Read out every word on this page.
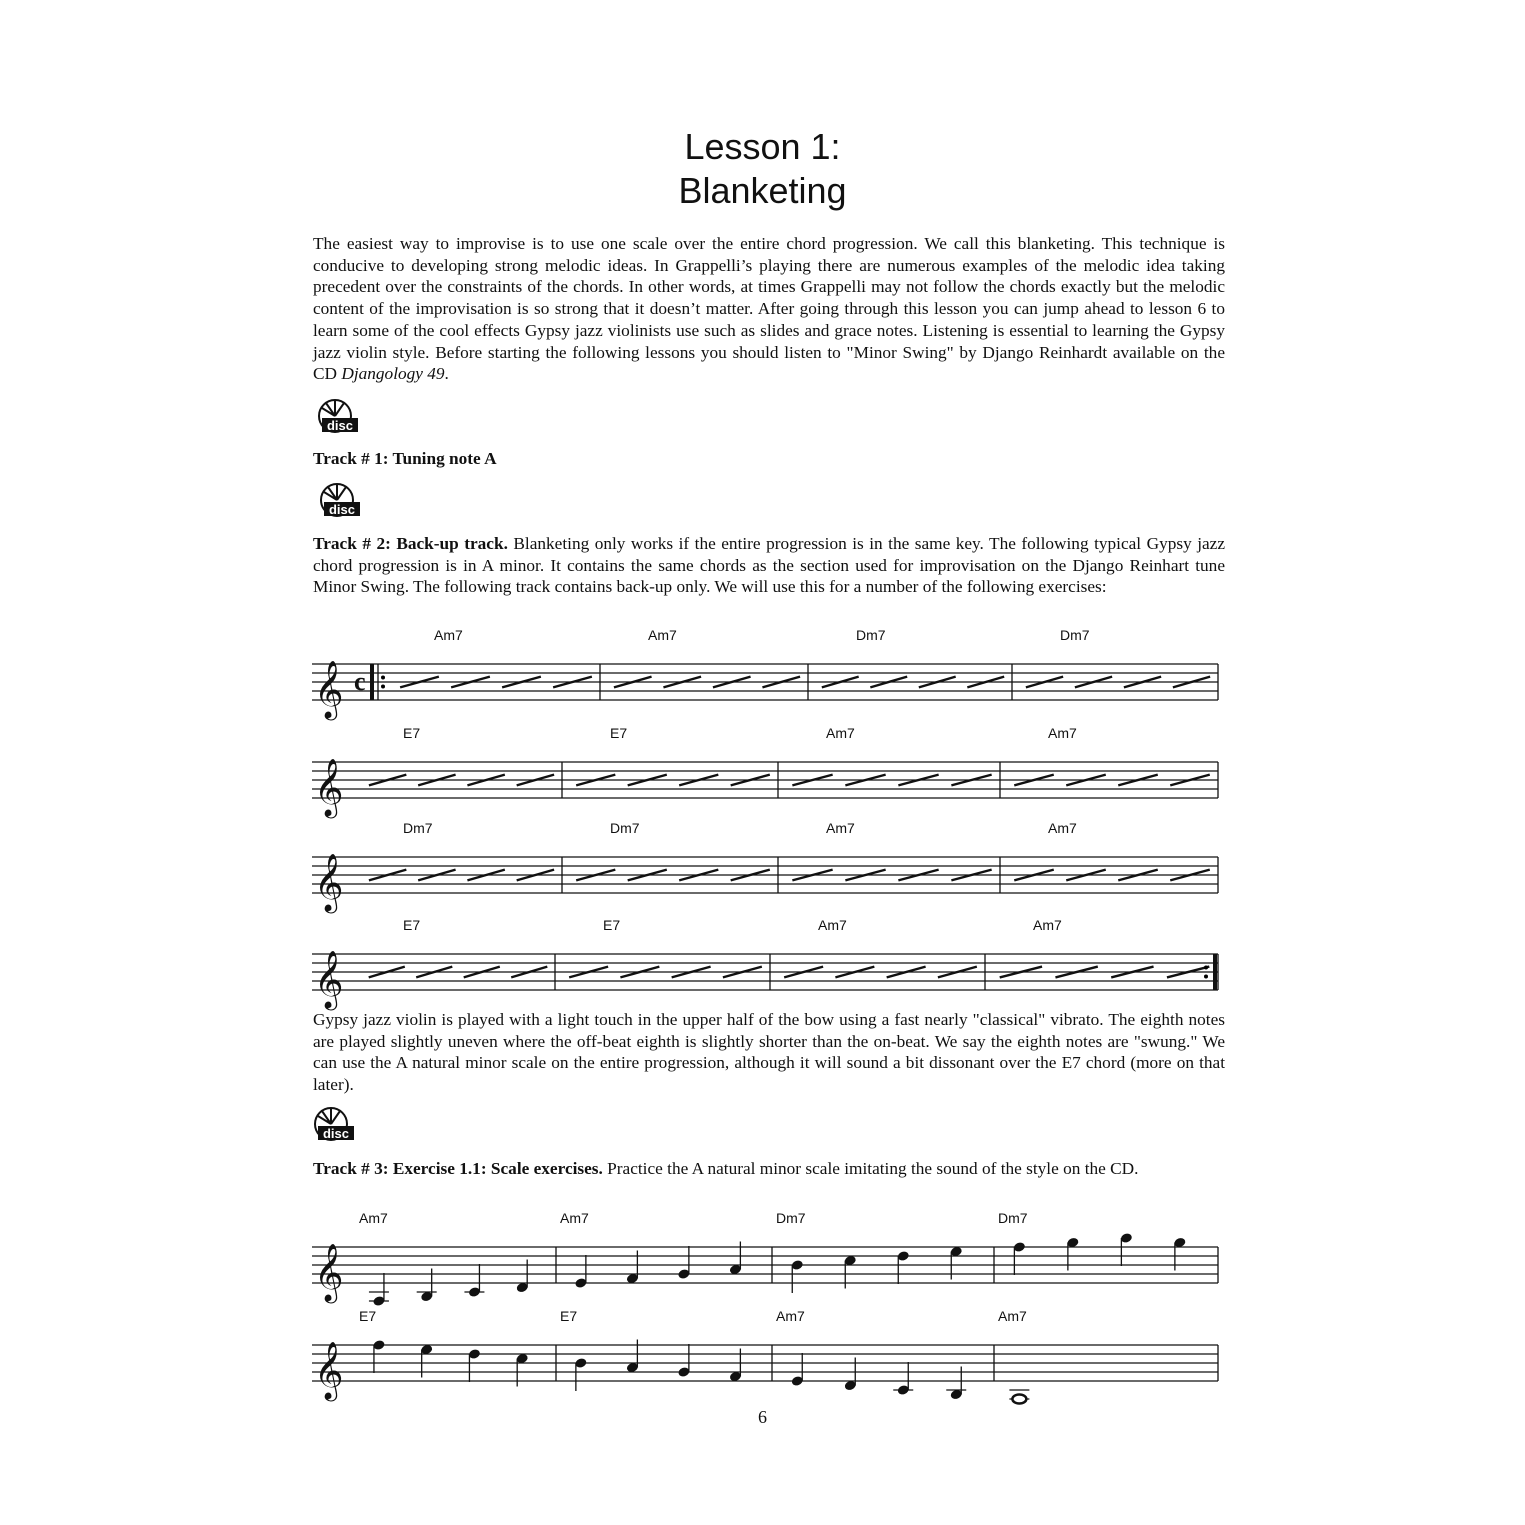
Lesson 1:
Blanketing

The easiest way to improvise is to use one scale over the entire chord progression. We call this blanketing. This technique is conducive to developing strong melodic ideas. In Grappelli’s playing there are numerous examples of the melodic idea taking precedent over the constraints of the chords. In other words, at times Grappelli may not follow the chords exactly but the melodic content of the improvisation is so strong that it doesn’t matter. After going through this lesson you can jump ahead to lesson 6 to learn some of the cool effects Gypsy jazz violinists use such as slides and grace notes. Listening is essential to learning the Gypsy jazz violin style. Before starting the following lessons you should listen to "Minor Swing" by Django Reinhardt available on the CD Djangology 49.

disc

Track # 1: Tuning note A

disc

Track # 2: Back-up track. Blanketing only works if the entire progression is in the same key. The following typical Gypsy jazz chord progression is in A minor. It contains the same chords as the section used for improvisation on the Django Reinhart tune Minor Swing. The following track contains back-up only. We will use this for a number of the following exercises:

𝄞 c
Am7	Am7	Dm7	Dm7
𝄞
E7	E7	Am7	Am7
𝄞
Dm7	Dm7	Am7	Am7
𝄞
E7	E7	Am7	Am7

Gypsy jazz violin is played with a light touch in the upper half of the bow using a fast nearly "classical" vibrato. The eighth notes are played slightly uneven where the off-beat eighth is slightly shorter than the on-beat. We say the eighth notes are "swung." We can use the A natural minor scale on the entire progression, although it will sound a bit dissonant over the E7 chord (more on that later).

disc

Track # 3: Exercise 1.1: Scale exercises. Practice the A natural minor scale imitating the sound of the style on the CD.

𝄞
Am7	Am7	Dm7	Dm7
𝄞
E7	E7	Am7	Am7
6
